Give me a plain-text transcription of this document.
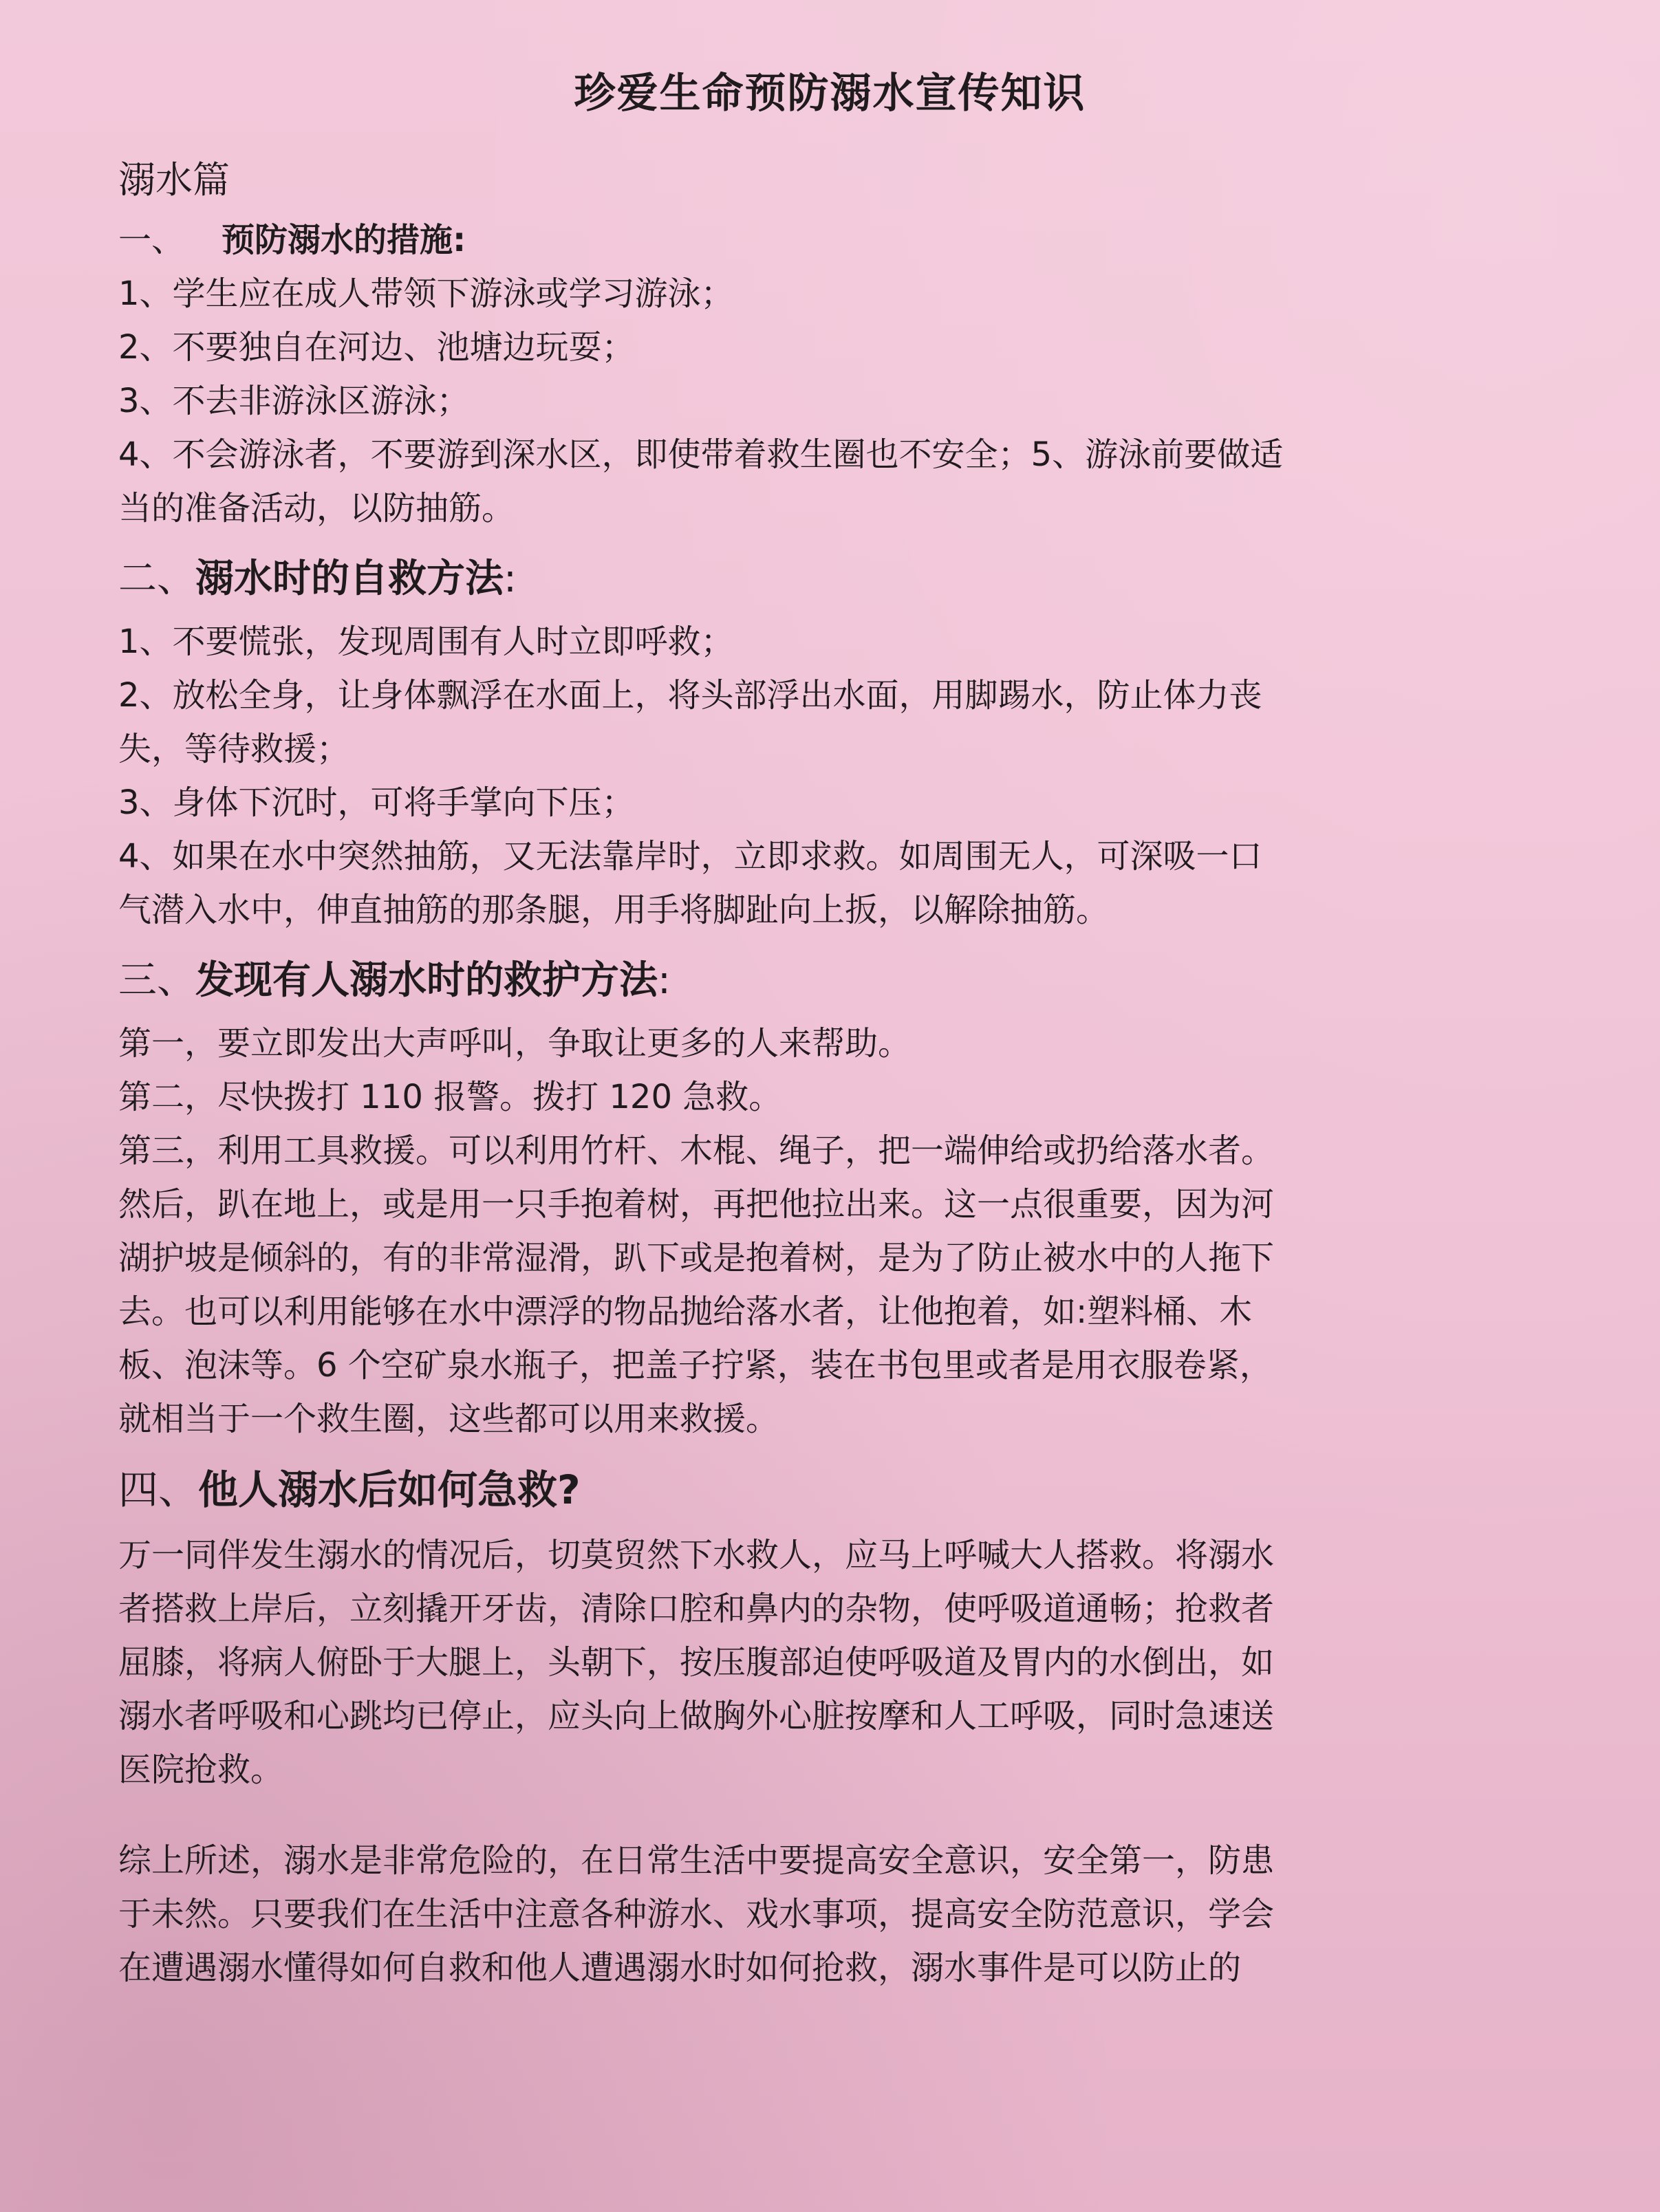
珍爱生命预防溺水宣传知识
溺水篇
一、 预防溺水的措施:
1、学生应在成人带领下游泳或学习游泳；
2、不要独自在河边、池塘边玩耍；
3、不去非游泳区游泳；
4、不会游泳者，不要游到深水区，即使带着救生圈也不安全；5、游泳前要做适
当的准备活动，以防抽筋。
二、溺水时的自救方法:
1、不要慌张，发现周围有人时立即呼救；
2、放松全身，让身体飘浮在水面上，将头部浮出水面，用脚踢水，防止体力丧
失，等待救援；
3、身体下沉时，可将手掌向下压；
4、如果在水中突然抽筋，又无法靠岸时，立即求救。如周围无人，可深吸一口
气潜入水中，伸直抽筋的那条腿，用手将脚趾向上扳，以解除抽筋。
三、发现有人溺水时的救护方法:
第一，要立即发出大声呼叫，争取让更多的人来帮助。
第二，尽快拨打 110 报警。拨打 120 急救。
第三，利用工具救援。可以利用竹杆、木棍、绳子，把一端伸给或扔给落水者。
然后，趴在地上，或是用一只手抱着树，再把他拉出来。这一点很重要，因为河
湖护坡是倾斜的，有的非常湿滑，趴下或是抱着树，是为了防止被水中的人拖下
去。也可以利用能够在水中漂浮的物品抛给落水者，让他抱着，如:塑料桶、木
板、泡沫等。6 个空矿泉水瓶子，把盖子拧紧，装在书包里或者是用衣服卷紧，
就相当于一个救生圈，这些都可以用来救援。
四、他人溺水后如何急救?
万一同伴发生溺水的情况后，切莫贸然下水救人，应马上呼喊大人搭救。将溺水
者搭救上岸后，立刻撬开牙齿，清除口腔和鼻内的杂物，使呼吸道通畅；抢救者
屈膝，将病人俯卧于大腿上，头朝下，按压腹部迫使呼吸道及胃内的水倒出，如
溺水者呼吸和心跳均已停止，应头向上做胸外心脏按摩和人工呼吸，同时急速送
医院抢救。
综上所述，溺水是非常危险的，在日常生活中要提高安全意识，安全第一，防患
于未然。只要我们在生活中注意各种游水、戏水事项，提高安全防范意识，学会
在遭遇溺水懂得如何自救和他人遭遇溺水时如何抢救，溺水事件是可以防止的
